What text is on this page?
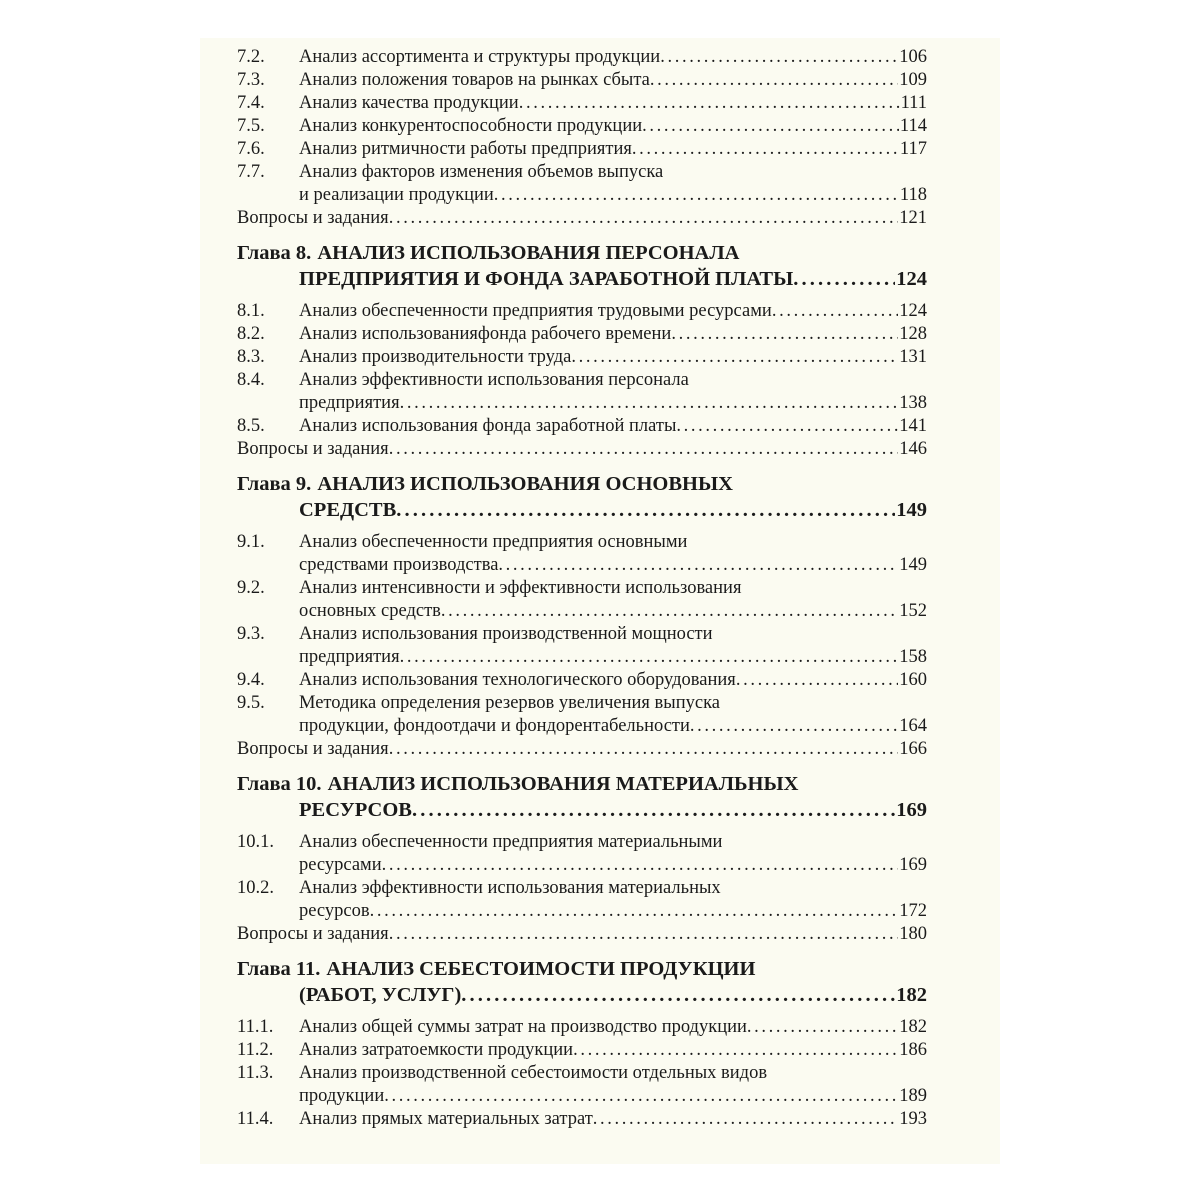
7.2.	Анализ ассортимента и структуры продукции . . .	106
7.3.	Анализ положения товаров на рынках сбыта . . .	109
7.4.	Анализ качества продукции . . .	111
7.5.	Анализ конкурентоспособности продукции . . .	114
7.6.	Анализ ритмичности работы предприятия . . .	117
7.7.	Анализ факторов изменения объемов выпуска
и реализации продукции . . .	118
Вопросы и задания . . .	121
Глава 8. АНАЛИЗ ИСПОЛЬЗОВАНИЯ ПЕРСОНАЛА
ПРЕДПРИЯТИЯ И ФОНДА ЗАРАБОТНОЙ ПЛАТЫ . . .	124
8.1.	Анализ обеспеченности предприятия трудовыми ресурсами . . .	124
8.2.	Анализ использованияфонда рабочего времени . . .	128
8.3.	Анализ производительности труда . . .	131
8.4.	Анализ эффективности использования персонала
предприятия . . .	138
8.5.	Анализ использования фонда заработной платы . . .	141
Вопросы и задания . . .	146
Глава 9. АНАЛИЗ ИСПОЛЬЗОВАНИЯ ОСНОВНЫХ
СРЕДСТВ . . .	149
9.1.	Анализ обеспеченности предприятия основными
средствами производства . . .	149
9.2.	Анализ интенсивности и эффективности использования
основных средств . . .	152
9.3.	Анализ использования производственной мощности
предприятия . . .	158
9.4.	Анализ использования технологического оборудования . . .	160
9.5.	Методика определения резервов увеличения выпуска
продукции, фондоотдачи и фондорентабельности . . .	164
Вопросы и задания . . .	166
Глава 10. АНАЛИЗ ИСПОЛЬЗОВАНИЯ МАТЕРИАЛЬНЫХ
РЕСУРСОВ . . .	169
10.1.	Анализ обеспеченности предприятия материальными
ресурсами . . .	169
10.2.	Анализ эффективности использования материальных
ресурсов . . .	172
Вопросы и задания . . .	180
Глава 11. АНАЛИЗ СЕБЕСТОИМОСТИ ПРОДУКЦИИ
(РАБОТ, УСЛУГ) . . .	182
11.1.	Анализ общей суммы затрат на производство продукции . . .	182
11.2.	Анализ затратоемкости продукции . . .	186
11.3.	Анализ производственной себестоимости отдельных видов
продукции . . .	189
11.4.	Анализ прямых материальных затрат . . .	193
